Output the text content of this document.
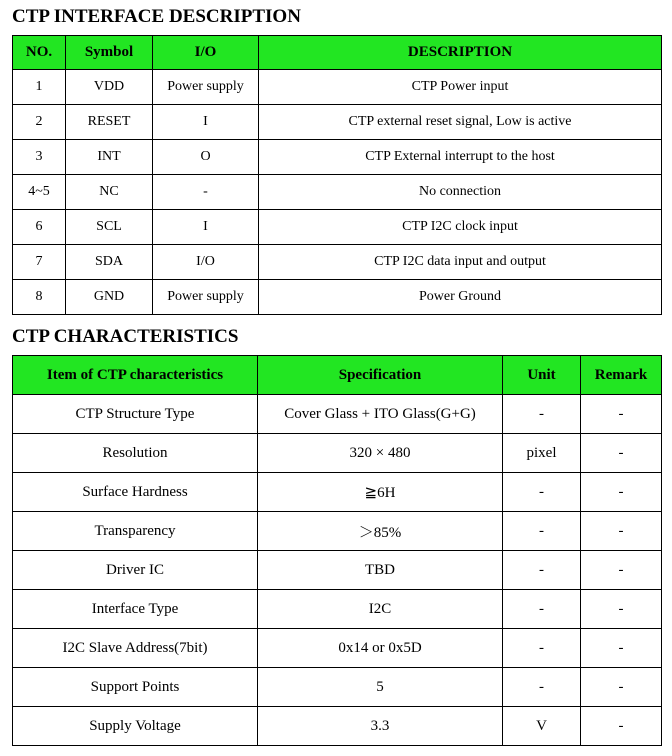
CTP INTERFACE DESCRIPTION
NO.	Symbol	I/O	DESCRIPTION
1	VDD	Power supply	CTP Power input
2	RESET	I	CTP external reset signal, Low is active
3	INT	O	CTP External interrupt to the host
4~5	NC	-	No connection
6	SCL	I	CTP I2C clock input
7	SDA	I/O	CTP I2C data input and output
8	GND	Power supply	Power Ground
CTP CHARACTERISTICS
Item of CTP characteristics	Specification	Unit	Remark
CTP Structure Type	Cover Glass + ITO Glass(G+G)	-	-
Resolution	320 × 480	pixel	-
Surface Hardness	≧6H	-	-
Transparency	＞85%	-	-
Driver IC	TBD	-	-
Interface Type	I2C	-	-
I2C Slave Address(7bit)	0x14 or 0x5D	-	-
Support Points	5	-	-
Supply Voltage	3.3	V	-
